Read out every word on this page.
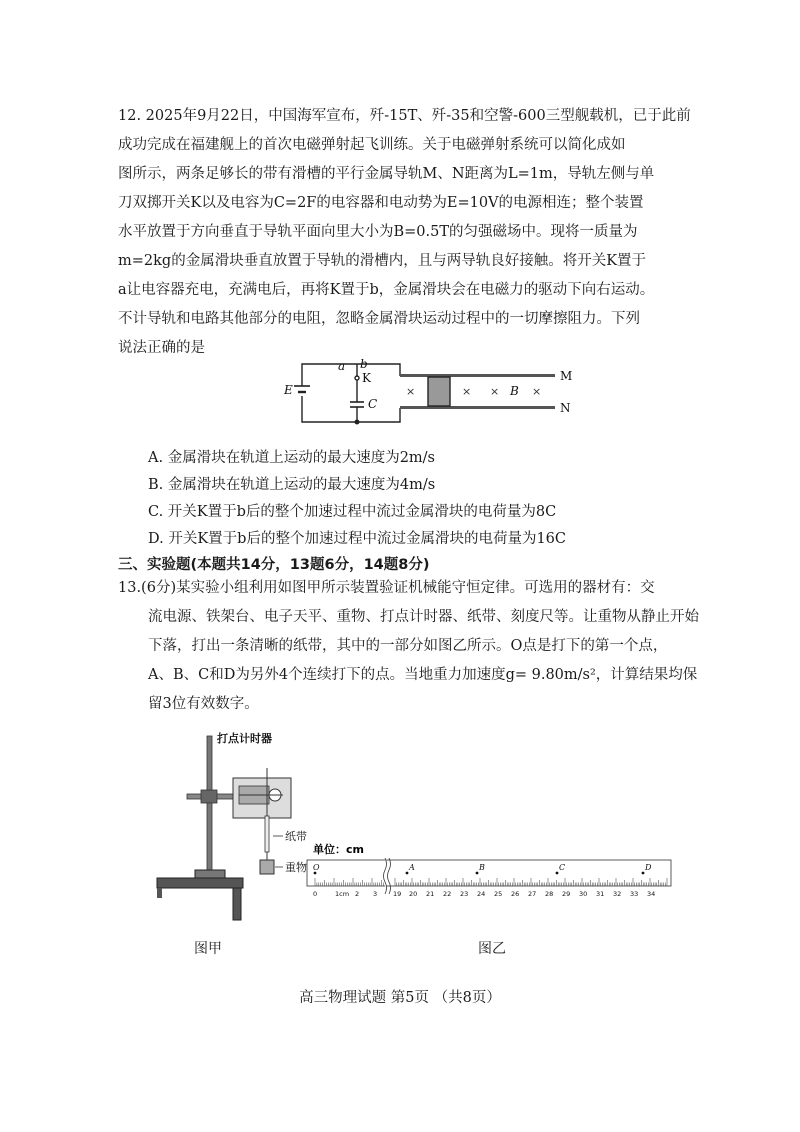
12. 2025年9月22日，中国海军宣布，歼-15T、歼-35和空警-600三型舰载机，已于此前
成功完成在福建舰上的首次电磁弹射起飞训练。关于电磁弹射系统可以简化成如
图所示，两条足够长的带有滑槽的平行金属导轨M、N距离为L=1m，导轨左侧与单
刀双掷开关K以及电容为C=2F的电容器和电动势为E=10V的电源相连；整个装置
水平放置于方向垂直于导轨平面向里大小为B=0.5T的匀强磁场中。现将一质量为
m=2kg的金属滑块垂直放置于导轨的滑槽内，且与两导轨良好接触。将开关K置于
a让电容器充电，充满电后，再将K置于b，金属滑块会在电磁力的驱动下向右运动。
不计导轨和电路其他部分的电阻，忽略金属滑块运动过程中的一切摩擦阻力。下列
说法正确的是
a b
K
E
C
B
M
N
×	× ×	×
A. 金属滑块在轨道上运动的最大速度为2m/s
B. 金属滑块在轨道上运动的最大速度为4m/s
C. 开关K置于b后的整个加速过程中流过金属滑块的电荷量为8C
D. 开关K置于b后的整个加速过程中流过金属滑块的电荷量为16C
三、实验题(本题共14分，13题6分，14题8分)
13.(6分)某实验小组利用如图甲所示装置验证机械能守恒定律。可选用的器材有：交
流电源、铁架台、电子天平、重物、打点计时器、纸带、刻度尺等。让重物从静止开始
下落，打出一条清晰的纸带，其中的一部分如图乙所示。O点是打下的第一个点，
A、B、C和D为另外4个连续打下的点。当地重力加速度g= 9.80m/s²，计算结果均保
留3位有效数字。
打点计时器
纸带
重物
单位：cm
O	A	B	C	D
0	1cm 2 3 19 20 21 22 23 24 25 26 27 28 29 30 31 32 33 34
图甲	图乙
高三物理试题 第5页 （共8页）
